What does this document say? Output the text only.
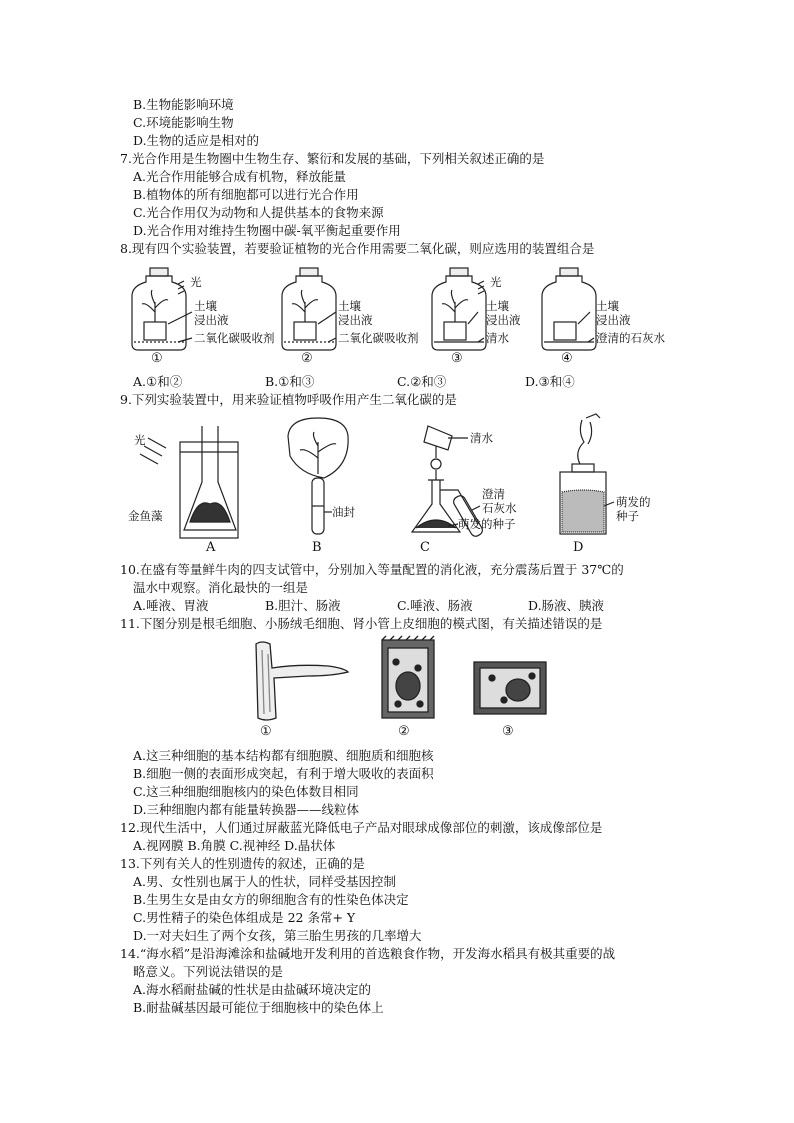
B.生物能影响环境
C.环境能影响生物
D.生物的适应是相对的
7.光合作用是生物圈中生物生存、繁衍和发展的基础，下列相关叙述正确的是
A.光合作用能够合成有机物，释放能量
B.植物体的所有细胞都可以进行光合作用
C.光合作用仅为动物和人提供基本的食物来源
D.光合作用对维持生物圈中碳-氧平衡起重要作用
8.现有四个实验装置，若要验证植物的光合作用需要二氧化碳，则应选用的装置组合是
光
土壤
浸出液
二氧化碳吸收剂
土壤
浸出液
二氧化碳吸收剂
光
土壤
浸出液
清水
土壤
浸出液
澄清的石灰水
①	②	③	④
A.①和②	B.①和③	C.②和③	D.③和④
9.下列实验装置中，用来验证植物呼吸作用产生二氧化碳的是
光
金鱼藻	油封
清水
澄清
石灰水
萌发的种子
萌发的
种子
A	B	C	D
10.在盛有等量鲜牛肉的四支试管中，分别加入等量配置的消化液，充分震荡后置于 37℃的
温水中观察。消化最快的一组是
A.唾液、胃液	B.胆汁、肠液	C.唾液、肠液	D.肠液、胰液
11.下图分别是根毛细胞、小肠绒毛细胞、肾小管上皮细胞的模式图，有关描述错误的是
①	②	③
A.这三种细胞的基本结构都有细胞膜、细胞质和细胞核
B.细胞一侧的表面形成突起，有利于增大吸收的表面积
C.这三种细胞细胞核内的染色体数目相同
D.三种细胞内都有能量转换器——线粒体
12.现代生活中，人们通过屏蔽蓝光降低电子产品对眼球成像部位的刺激，该成像部位是
A.视网膜 B.角膜 C.视神经 D.晶状体
13.下列有关人的性别遗传的叙述，正确的是
A.男、女性别也属于人的性状，同样受基因控制
B.生男生女是由女方的卵细胞含有的性染色体决定
C.男性精子的染色体组成是 22 条常+ Y
D.一对夫妇生了两个女孩，第三胎生男孩的几率增大
14.“海水稻”是沿海滩涂和盐碱地开发利用的首选粮食作物，开发海水稻具有极其重要的战
略意义。下列说法错误的是
A.海水稻耐盐碱的性状是由盐碱环境决定的
B.耐盐碱基因最可能位于细胞核中的染色体上
